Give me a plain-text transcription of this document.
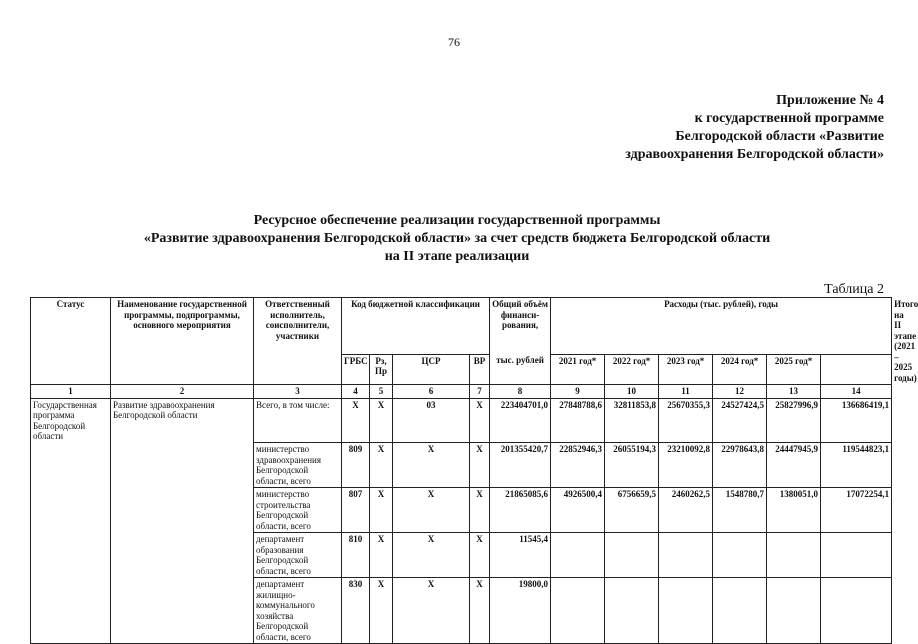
76
Приложение № 4
к государственной программе
Белгородской области «Развитие
здравоохранения Белгородской области»
Ресурсное обеспечение реализации государственной программы
«Развитие здравоохранения Белгородской области» за счет средств бюджета Белгородской области
на II этапе реализации
Таблица 2
Статус	Наименование государственной программы, подпрограммы, основного мероприятия	Ответственный исполнитель, соисполнители, участники	Код бюджетной классификации				Общий объём финанси-рования,	Расходы (тыс. рублей), годы						Итого на II этапе (2021 – 2025 годы)
			ГРБС	Рз, Пр	ЦСР	ВР	тыс. рублей	2021 год*	2022 год*	2023 год*	2024 год*	2025 год*		
1	2	3	4	5	6	7	8	9	10	11	12	13	14	
Государственная программа Белгородской области	Развитие здравоохранения Белгородской области	Всего, в том числе:	Х	Х	03	Х	223404701,0	27848788,6	32811853,8	25670355,3	24527424,5	25827996,9	136686419,1	
		министерство здравоохранения Белгородской области, всего	809	Х	Х	Х	201355420,7	22852946,3	26055194,3	23210092,8	22978643,8	24447945,9	119544823,1	
		министерство строительства Белгородской области, всего	807	Х	Х	Х	21865085,6	4926500,4	6756659,5	2460262,5	1548780,7	1380051,0	17072254,1	
		департамент образования Белгородской области, всего	810	Х	Х	Х	11545,4							
		департамент жилищно-коммунального хозяйства Белгородской области, всего	830	Х	Х	Х	19800,0							
